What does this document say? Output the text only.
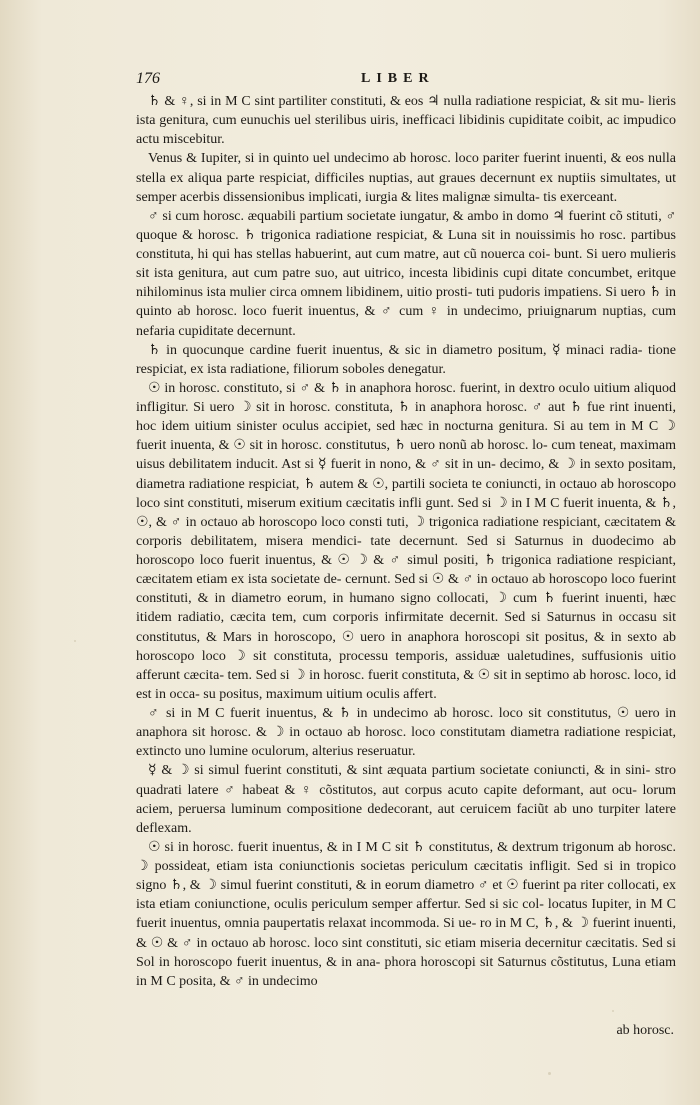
176	LIBER

♄ & ♀, si in M C sint partiliter constituti, & eos ♃ nulla radiatione respiciat, & sit mu- lieris ista genitura, cum eunuchis uel sterilibus uiris, inefficaci libidinis cupiditate coibit, ac impudico actu miscebitur.

Venus & Iupiter, si in quinto uel undecimo ab horosc. loco pariter fuerint inuenti, & eos nulla stella ex aliqua parte respiciat, difficiles nuptias, aut graues decernunt ex nuptiis simultates, ut semper acerbis dissensionibus implicati, iurgia & lites malignæ simulta- tis exerceant.

♂ si cum horosc. æquabili partium societate iungatur, & ambo in domo ♃ fuerint cõ stituti, ♂ quoque & horosc. ♄ trigonica radiatione respiciat, & Luna sit in nouissimis ho rosc. partibus constituta, hi qui has stellas habuerint, aut cum matre, aut cũ nouerca coi- bunt. Si uero mulieris sit ista genitura, aut cum patre suo, aut uitrico, incesta libidinis cupi ditate concumbet, eritque nihilominus ista mulier circa omnem libidinem, uitio prosti- tuti pudoris impatiens. Si uero ♄ in quinto ab horosc. loco fuerit inuentus, & ♂ cum ♀ in undecimo, priuignarum nuptias, cum nefaria cupiditate decernunt.

♄ in quocunque cardine fuerit inuentus, & sic in diametro positum, ☿ minaci radia- tione respiciat, ex ista radiatione, filiorum soboles denegatur.

☉ in horosc. constituto, si ♂ & ♄ in anaphora horosc. fuerint, in dextro oculo uitium aliquod infligitur. Si uero ☽ sit in horosc. constituta, ♄ in anaphora horosc. ♂ aut ♄ fue rint inuenti, hoc idem uitium sinister oculus accipiet, sed hæc in nocturna genitura. Si au tem in M C ☽ fuerit inuenta, & ☉ sit in horosc. constitutus, ♄ uero nonũ ab horosc. lo- cum teneat, maximam uisus debilitatem inducit. Ast si ☿ fuerit in nono, & ♂ sit in un- decimo, & ☽ in sexto positam, diametra radiatione respiciat, ♄ autem & ☉, partili societa te coniuncti, in octauo ab horoscopo loco sint constituti, miserum exitium cæcitatis infli gunt. Sed si ☽ in I M C fuerit inuenta, & ♄, ☉, & ♂ in octauo ab horoscopo loco consti tuti, ☽ trigonica radiatione respiciant, cæcitatem & corporis debilitatem, misera mendici- tate decernunt. Sed si Saturnus in duodecimo ab horoscopo loco fuerit inuentus, & ☉ ☽ & ♂ simul positi, ♄ trigonica radiatione respiciant, cæcitatem etiam ex ista societate de- cernunt. Sed si ☉ & ♂ in octauo ab horoscopo loco fuerint constituti, & in diametro eorum, in humano signo collocati, ☽ cum ♄ fuerint inuenti, hæc itidem radiatio, cæcita tem, cum corporis infirmitate decernit. Sed si Saturnus in occasu sit constitutus, & Mars in horoscopo, ☉ uero in anaphora horoscopi sit positus, & in sexto ab horoscopo loco ☽ sit constituta, processu temporis, assiduæ ualetudines, suffusionis uitio afferunt cæcita- tem. Sed si ☽ in horosc. fuerit constituta, & ☉ sit in septimo ab horosc. loco, id est in occa- su positus, maximum uitium oculis affert.

♂ si in M C fuerit inuentus, & ♄ in undecimo ab horosc. loco sit constitutus, ☉ uero in anaphora sit horosc. & ☽ in octauo ab horosc. loco constitutam diametra radiatione respiciat, extincto uno lumine oculorum, alterius reseruatur.

☿ & ☽ si simul fuerint constituti, & sint æquata partium societate coniuncti, & in sini- stro quadrati latere ♂ habeat & ♀ cõstitutos, aut corpus acuto capite deformant, aut ocu- lorum aciem, peruersa luminum compositione dedecorant, aut ceruicem faciũt ab uno turpiter latere deflexam.

☉ si in horosc. fuerit inuentus, & in I M C sit ♄ constitutus, & dextrum trigonum ab horosc. ☽ possideat, etiam ista coniunctionis societas periculum cæcitatis infligit. Sed si in tropico signo ♄, & ☽ simul fuerint constituti, & in eorum diametro ♂ et ☉ fuerint pa riter collocati, ex ista etiam coniunctione, oculis periculum semper affertur. Sed si sic col- locatus Iupiter, in M C fuerit inuentus, omnia paupertatis relaxat incommoda. Si ue- ro in M C, ♄, & ☽ fuerint inuenti, & ☉ & ♂ in octauo ab horosc. loco sint constituti, sic etiam miseria decernitur cæcitatis. Sed si Sol in horoscopo fuerit inuentus, & in ana- phora horoscopi sit Saturnus cõstitutus, Luna etiam in M C posita, & ♂ in undecimo

ab horosc.
